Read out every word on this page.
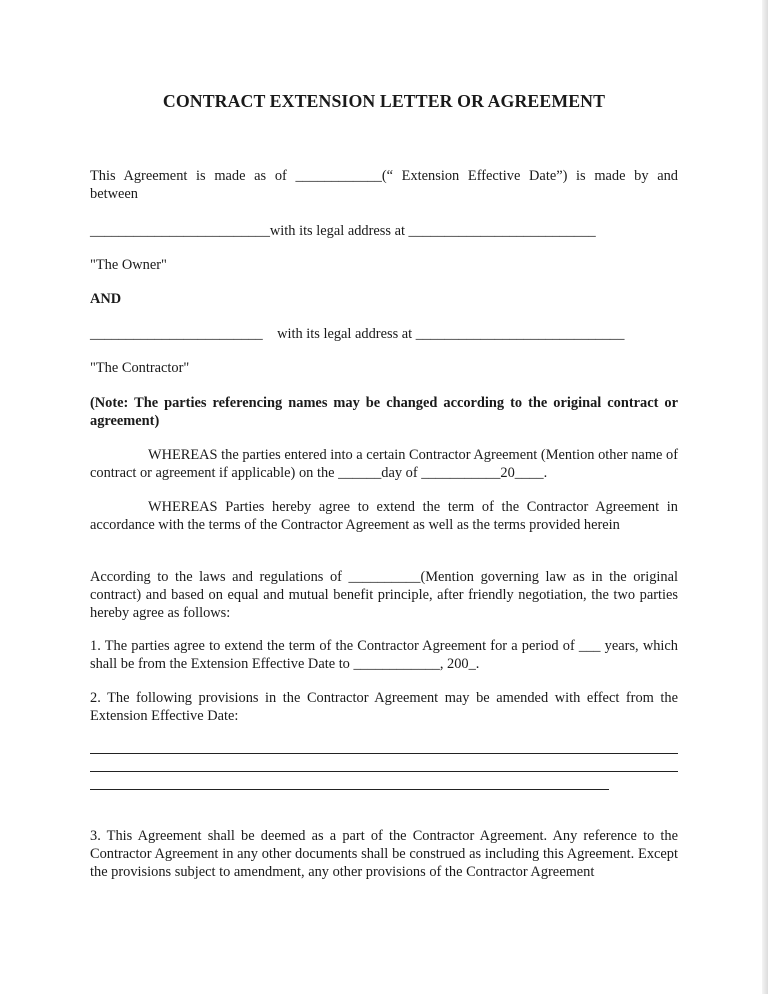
CONTRACT EXTENSION LETTER OR AGREEMENT
This Agreement is made as of ____________(“ Extension Effective Date”) is made by and
between
_________________________with its legal address at __________________________
"The Owner"
AND
________________________    with its legal address at _____________________________
"The Contractor"
(Note: The parties referencing names may be changed according to the original contract or agreement)
WHEREAS the parties entered into a certain Contractor Agreement (Mention other name of contract or agreement if applicable) on the ______day of ___________20____.
WHEREAS Parties hereby agree to extend the term of the Contractor Agreement in accordance with the terms of the Contractor Agreement as well as the terms provided herein
According to the laws and regulations of __________(Mention governing law as in the original contract) and based on equal and mutual benefit principle, after friendly negotiation, the two parties hereby agree as follows:
1. The parties agree to extend the term of the Contractor Agreement for a period of ___ years, which shall be from the Extension Effective Date to ____________, 200_.
2. The following provisions in the Contractor Agreement may be amended with effect from the Extension Effective Date:
3. This Agreement shall be deemed as a part of the Contractor Agreement. Any reference to the Contractor Agreement in any other documents shall be construed as including this Agreement. Except the provisions subject to amendment, any other provisions of the Contractor Agreement
